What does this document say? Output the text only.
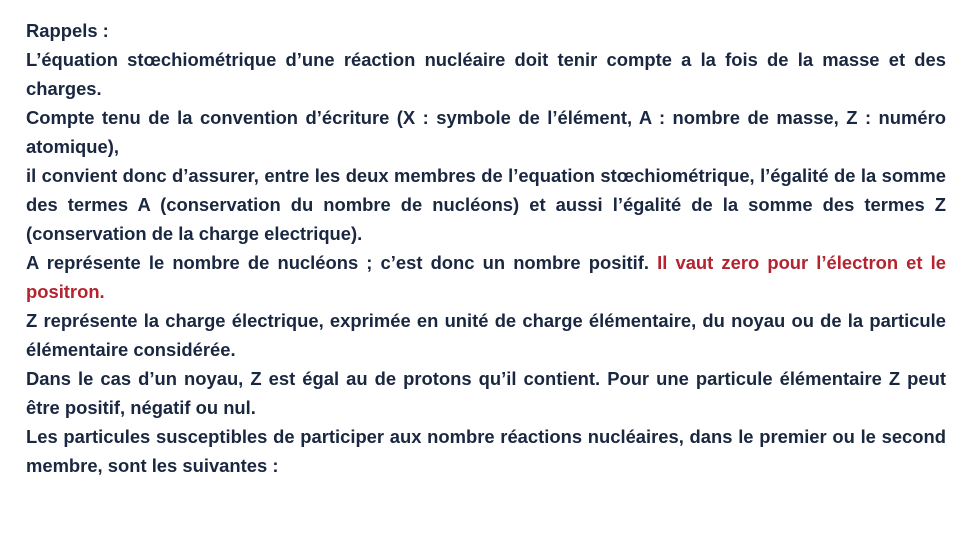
Rappels :

L’équation stœchiométrique d’une réaction nucléaire doit tenir compte a la fois de la masse et des charges.

Compte tenu de la convention d’écriture (X : symbole de l’élément, A : nombre de masse, Z : numéro atomique),

il convient donc d’assurer, entre les deux membres de l’equation stœchiométrique, l’égalité de la somme des termes A (conservation du nombre de nucléons) et aussi l’égalité de la somme des termes Z (conservation de la charge electrique).

A représente le nombre de nucléons ; c’est donc un nombre positif. Il vaut zero pour l’électron et le positron.

Z représente la charge électrique, exprimée en unité de charge élémentaire, du noyau ou de la particule élémentaire considérée.

Dans le cas d’un noyau, Z est égal au de protons qu’il contient. Pour une particule élémentaire Z peut être positif, négatif ou nul.

Les particules susceptibles de participer aux nombre réactions nucléaires, dans le premier ou le second membre, sont les suivantes :
